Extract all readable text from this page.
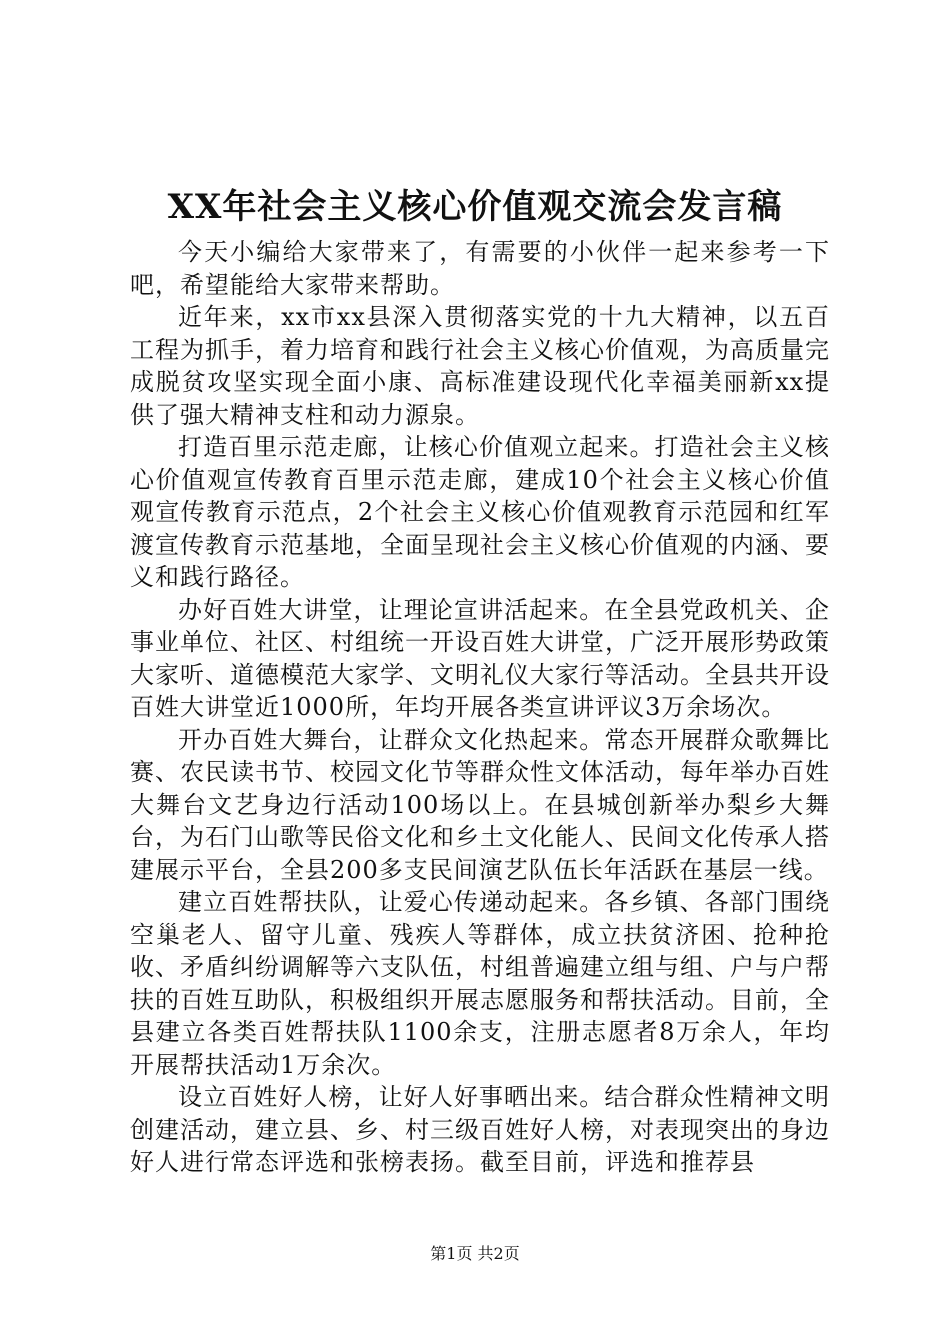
XX年社会主义核心价值观交流会发言稿

今天小编给大家带来了，有需要的小伙伴一起来参考一下吧，希望能给大家带来帮助。

近年来，xx市xx县深入贯彻落实党的十九大精神，以五百工程为抓手，着力培育和践行社会主义核心价值观，为高质量完成脱贫攻坚实现全面小康、高标准建设现代化幸福美丽新xx提供了强大精神支柱和动力源泉。

打造百里示范走廊，让核心价值观立起来。打造社会主义核心价值观宣传教育百里示范走廊，建成10个社会主义核心价值观宣传教育示范点，2个社会主义核心价值观教育示范园和红军渡宣传教育示范基地，全面呈现社会主义核心价值观的内涵、要义和践行路径。

办好百姓大讲堂，让理论宣讲活起来。在全县党政机关、企事业单位、社区、村组统一开设百姓大讲堂，广泛开展形势政策大家听、道德模范大家学、文明礼仪大家行等活动。全县共开设百姓大讲堂近1000所，年均开展各类宣讲评议3万余场次。

开办百姓大舞台，让群众文化热起来。常态开展群众歌舞比赛、农民读书节、校园文化节等群众性文体活动，每年举办百姓大舞台文艺身边行活动100场以上。在县城创新举办梨乡大舞台，为石门山歌等民俗文化和乡土文化能人、民间文化传承人搭建展示平台，全县200多支民间演艺队伍长年活跃在基层一线。

建立百姓帮扶队，让爱心传递动起来。各乡镇、各部门围绕空巢老人、留守儿童、残疾人等群体，成立扶贫济困、抢种抢收、矛盾纠纷调解等六支队伍，村组普遍建立组与组、户与户帮扶的百姓互助队，积极组织开展志愿服务和帮扶活动。目前，全县建立各类百姓帮扶队1100余支，注册志愿者8万余人，年均开展帮扶活动1万余次。

设立百姓好人榜，让好人好事晒出来。结合群众性精神文明创建活动，建立县、乡、村三级百姓好人榜，对表现突出的身边好人进行常态评选和张榜表扬。截至目前，评选和推荐县

第1页 共2页
